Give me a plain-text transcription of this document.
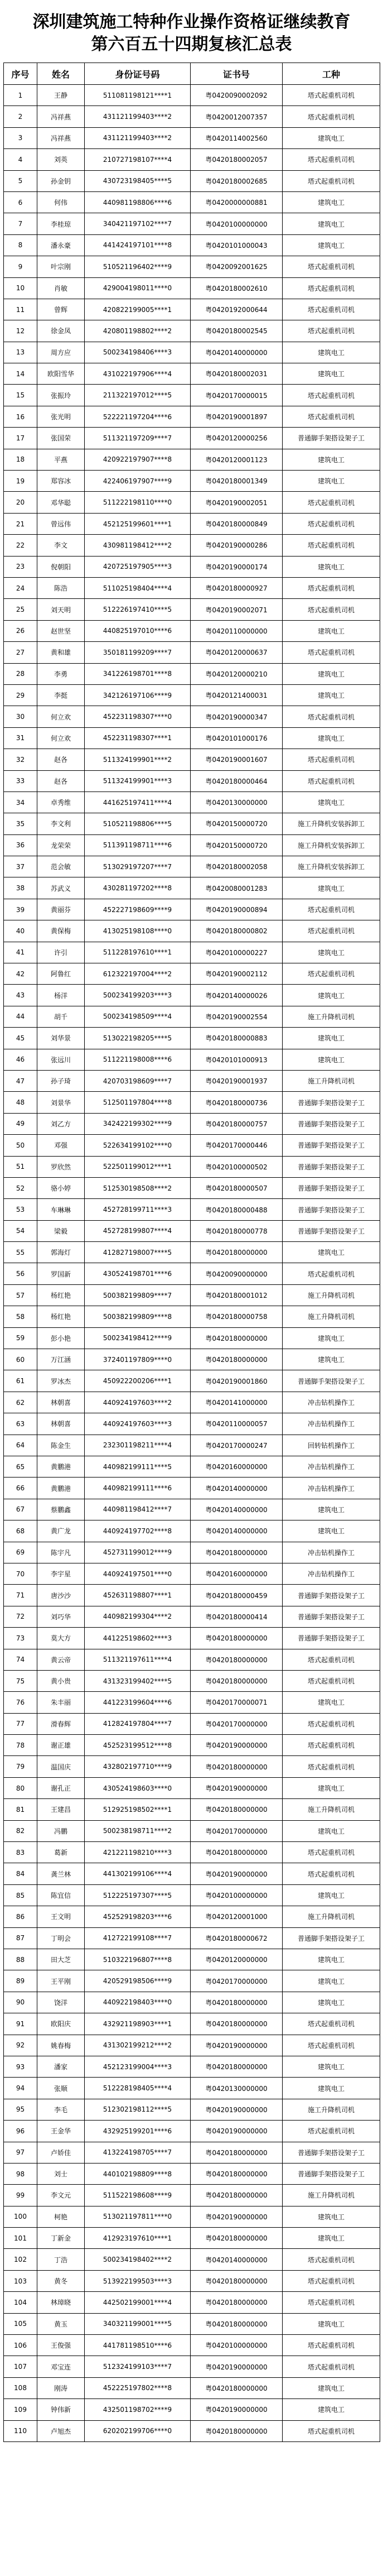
深圳建筑施工特种作业操作资格证继续教育
第六百五十四期复核汇总表
序号	姓名	身份证号码	证书号	工种
1	王静	511081198121****1	粤0420090002092	塔式起重机司机
2	冯祥燕	431121199403****2	粤0420012007357	塔式起重机司机
3	冯祥燕	431121199403****2	粤0420114002560	建筑电工
4	刘英	210727198107****4	粤0420180002057	塔式起重机司机
5	孙金钥	430723198405****5	粤0420180002685	塔式起重机司机
6	何伟	440981198806****6	粤0420000000881	建筑电工
7	李桂琼	340421197102****7	粤0420100000000	建筑电工
8	潘永豪	441424197101****8	粤0420101000043	建筑电工
9	叶宗刚	510521196402****9	粤0420092001625	塔式起重机司机
10	肖敏	429004198011****0	粤0420180002610	塔式起重机司机
11	曾辉	420822199005****1	粤0420192000644	塔式起重机司机
12	徐金凤	420801198802****2	粤0420180002545	塔式起重机司机
13	周方应	500234198406****3	粤0420140000000	建筑电工
14	欧阳雪华	431022197906****4	粤0420180002031	建筑电工
15	张振玲	211322197012****5	粤0420170000015	塔式起重机司机
16	张光明	522221197204****6	粤0420190001897	塔式起重机司机
17	张国荣	511321197209****7	粤0420120000256	普通脚手架搭设架子工
18	平燕	420922197907****8	粤0420120001123	建筑电工
19	郑容冰	422406197907****9	粤0420180001349	建筑电工
20	邓华聪	511222198110****0	粤0420190002051	塔式起重机司机
21	曾远伟	452125199601****1	粤0420180000849	塔式起重机司机
22	李文	430981198412****2	粤0420190000286	塔式起重机司机
23	倪朝阳	420725197905****3	粤0420190000174	建筑电工
24	陈浩	511025198404****4	粤0420180000927	塔式起重机司机
25	刘天明	512226197410****5	粤0420190002071	塔式起重机司机
26	赵世坚	440825197010****6	粤0420110000000	建筑电工
27	黄和雄	350181199209****7	粤0420120000637	塔式起重机司机
28	李勇	341226198701****8	粤0420120000210	建筑电工
29	李挺	342126197106****9	粤0420121400031	建筑电工
30	何立欢	452231198307****0	粤0420190000347	塔式起重机司机
31	何立欢	452231198307****1	粤0420101000176	建筑电工
32	赵各	511324199901****2	粤0420190001607	塔式起重机司机
33	赵各	511324199901****3	粤0420180000464	塔式起重机司机
34	卓秀维	441625197411****4	粤0420130000000	建筑电工
35	李文利	510521198806****5	粤0420150000720	施工升降机安装拆卸工
36	龙荣荣	511391198711****6	粤0420150000720	施工升降机安装拆卸工
37	范会敏	513029197207****7	粤0420180002058	施工升降机安装拆卸工
38	苏武义	430281197202****8	粤0420080001283	建筑电工
39	黄丽芬	452227198609****9	粤0420190000894	塔式起重机司机
40	黄保梅	413025198108****0	粤0420180000802	塔式起重机司机
41	许引	511228197610****1	粤0420100000227	建筑电工
42	阿鲁红	612322197004****2	粤0420190002112	塔式起重机司机
43	杨洋	500234199203****3	粤0420140000026	建筑电工
44	胡千	500234198509****4	粤0420190002554	施工升降机司机
45	刘华景	513022198205****5	粤0420180000883	建筑电工
46	张远川	511221198008****6	粤0420101000913	建筑电工
47	孙子琦	420703198609****7	粤0420190001937	施工升降机司机
48	刘景华	512501197804****8	粤0420180000736	普通脚手架搭设架子工
49	刘乙方	342422199302****9	粤0420180000757	普通脚手架搭设架子工
50	邓强	522634199102****0	粤0420170000446	普通脚手架搭设架子工
51	罗欣然	522501199012****1	粤0420100000502	普通脚手架搭设架子工
52	骆小婷	512530198508****2	粤0420180000507	普通脚手架搭设架子工
53	车琳琳	452728199711****3	粤0420180000488	普通脚手架搭设架子工
54	梁毅	452728199807****4	粤0420180000778	普通脚手架搭设架子工
55	郭海灯	412827198007****5	粤0420180000000	建筑电工
56	罗国新	430524198701****6	粤0420090000000	塔式起重机司机
57	杨红艳	500382199809****7	粤0420180001012	施工升降机司机
58	杨红艳	500382199809****8	粤0420180000758	施工升降机司机
59	彭小艳	500234198412****9	粤0420180000000	建筑电工
60	万江涵	372401197809****0	粤0420180000000	建筑电工
61	罗冰杰	450922200206****1	粤0420190001860	普通脚手架搭设架子工
62	林朝喜	440924197603****2	粤0420141000000	冲击钻机操作工
63	林朝喜	440924197603****3	粤0420110000057	冲击钻机操作工
64	陈金生	232301198211****4	粤0420170000247	回转钻机操作工
65	黄鹏港	440982199111****5	粤0420160000000	冲击钻机操作工
66	黄鹏港	440982199111****6	粤0420140000000	冲击钻机操作工
67	蔡鹏鑫	440981198412****7	粤0420140000000	建筑电工
68	黄广龙	440924197702****8	粤0420140000000	建筑电工
69	陈宇凡	452731199012****9	粤0420180000000	冲击钻机操作工
70	李宇星	440924197501****0	粤0420160000000	冲击钻机操作工
71	唐沙沙	452631198807****1	粤0420180000459	普通脚手架搭设架子工
72	刘巧华	440982199304****2	粤0420180000414	普通脚手架搭设架子工
73	莫大方	441225198602****3	粤0420180000000	普通脚手架搭设架子工
74	黄云帝	511321197611****4	粤0420180000000	塔式起重机司机
75	黄小贵	431323199402****5	粤0420180000000	塔式起重机司机
76	朱丰丽	441223199604****6	粤0420170000071	建筑电工
77	滑春辉	412824197804****7	粤0420170000000	塔式起重机司机
78	谢正雄	452523199512****8	粤0420190000000	塔式起重机司机
79	温国庆	432802197710****9	粤0420180000000	塔式起重机司机
80	谢孔正	430524198603****0	粤0420190000000	建筑电工
81	王建昌	512925198502****1	粤0420180000000	施工升降机司机
82	冯鹏	500238198711****2	粤0420170000000	建筑电工
83	葛新	421221198210****3	粤0420180000000	塔式起重机司机
84	龚兰林	441302199106****4	粤0420190000000	塔式起重机司机
85	陈宜信	512225197307****5	粤0420100000000	建筑电工
86	王文明	452529198203****6	粤0420120001000	施工升降机司机
87	丁明会	412722199108****7	粤0420180000672	普通脚手架搭设架子工
88	田大芝	510322196807****8	粤0420120000000	建筑电工
89	王平刚	420529198506****9	粤0420170000000	建筑电工
90	饶洋	440922198403****0	粤0420180000000	建筑电工
91	欧阳庆	432921198903****1	粤0420180000000	塔式起重机司机
92	姚春梅	431302199212****2	粤0420190000000	塔式起重机司机
93	潘家	452123199004****3	粤0420180000000	建筑电工
94	张顺	512228198405****4	粤0420130000000	建筑电工
95	李毛	512302198112****5	粤0420190000000	施工升降机司机
96	王金华	432925199201****6	粤0420190000000	塔式起重机司机
97	卢娇佳	413224198705****7	粤0420180000000	普通脚手架搭设架子工
98	刘士	440102198809****8	粤0420180000000	普通脚手架搭设架子工
99	李文元	511522198608****9	粤0420180000000	施工升降机司机
100	柯艳	513021197811****0	粤0420190000000	建筑电工
101	丁新金	412923197610****1	粤0420180000000	建筑电工
102	丁浩	500234198402****2	粤0420140000000	塔式起重机司机
103	黄冬	513922199503****3	粤0420180000000	塔式起重机司机
104	林璋晓	442502199001****4	粤0420180000000	塔式起重机司机
105	黄玉	340321199001****5	粤0420180000000	建筑电工
106	王俊强	441781198510****6	粤0420100000000	塔式起重机司机
107	邓宝连	512324199103****7	粤0420190000000	塔式起重机司机
108	刚涛	452225197802****8	粤0420180000000	建筑电工
109	钟伟新	432501198702****9	粤0420190000000	建筑电工
110	卢旭杰	620202199706****0	粤0420180000000	塔式起重机司机
